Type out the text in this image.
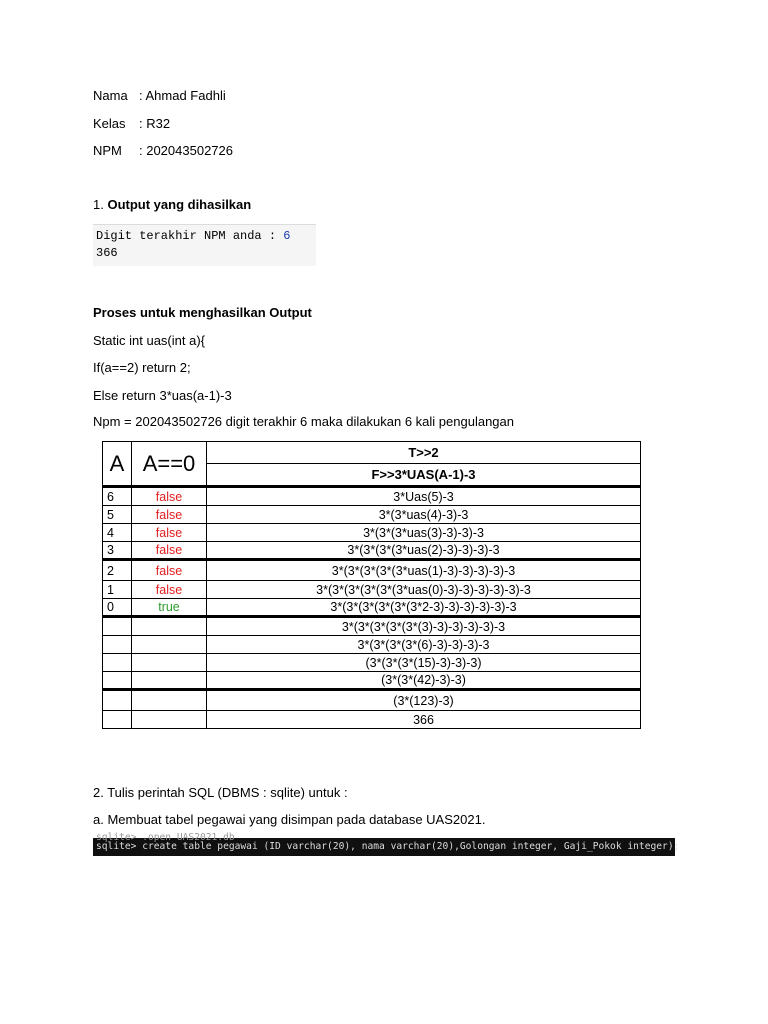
Nama : Ahmad Fadhli
Kelas : R32
NPM : 202043502726
1. Output yang dihasilkan
Digit terakhir NPM anda : 6
366
Proses untuk menghasilkan Output
Static int uas(int a){
If(a==2) return 2;
Else return 3*uas(a-1)-3
Npm = 202043502726 digit terakhir 6 maka dilakukan 6 kali pengulangan
A	A==0	T>>2
		F>>3*UAS(A-1)-3
6	false	3*Uas(5)-3
5	false	3*(3*uas(4)-3)-3
4	false	3*(3*(3*uas(3)-3)-3)-3
3	false	3*(3*(3*(3*uas(2)-3)-3)-3)-3
2	false	3*(3*(3*(3*(3*uas(1)-3)-3)-3)-3)-3
1	false	3*(3*(3*(3*(3*(3*uas(0)-3)-3)-3)-3)-3)-3
0	true	3*(3*(3*(3*(3*(3*2-3)-3)-3)-3)-3)-3
		3*(3*(3*(3*(3*(3)-3)-3)-3)-3)-3
		3*(3*(3*(3*(6)-3)-3)-3)-3
		(3*(3*(3*(15)-3)-3)-3)
		(3*(3*(42)-3)-3)
		(3*(123)-3)
		366
2. Tulis perintah SQL (DBMS : sqlite) untuk :
a. Membuat tabel pegawai yang disimpan pada database UAS2021.
sqlite> .open UAS2021.db
sqlite> create table pegawai (ID varchar(20), nama varchar(20),Golongan integer, Gaji_Pokok integer);
